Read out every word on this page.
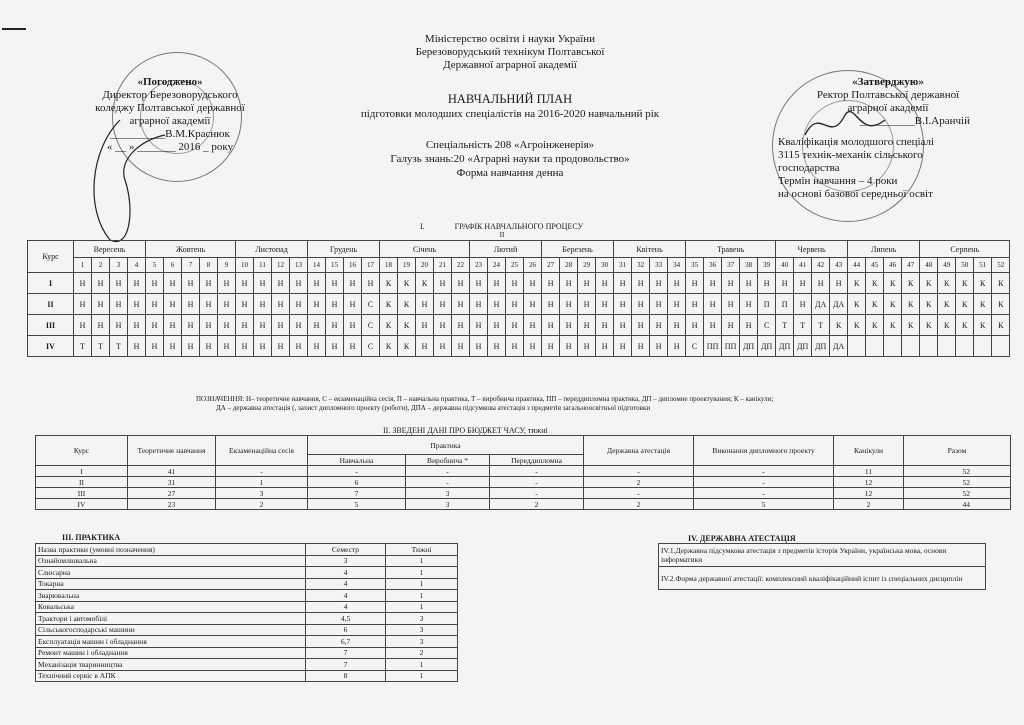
Міністерство освіти і науки України
Березоворудський технікум Полтавської
Державної аграрної академії
«Погоджено»
Директор Березоворудського
коледжу Полтавської державної
аграрної академії
__________В.М.Краснюк
« __ » _______ 2016 _ року
«Затверджую»
Ректор Полтавської державної
аграрної академії
__________В.І.Аранчій
Кваліфікація молодшого спеціалі
3115 технік-механік сільського
господарства
Термін навчання – 4 роки
на основі базової середньої освіт
НАВЧАЛЬНИЙ ПЛАН
підготовки молодших спеціалістів на 2016-2020 навчальний рік
Спеціальність 208 «Агроінженерія»
Галузь знань:20 «Аграрні науки та продовольство»
Форма навчання денна
I.	ГРАФІК НАВЧАЛЬНОГО ПРОЦЕСУ
II
Курс	Вересень				Жовтень					Листопад				Грудень				Січень					Лютий				Березень				Квітень				Травень					Червень				Липень				Серпень				
	1	2	3	4	5	6	7	8	9	10	11	12	13	14	15	16	17	18	19	20	21	22	23	24	25	26	27	28	29	30	31	32	33	34	35	36	37	38	39	40	41	42	43	44	45	46	47	48	49	50	51	52
I	Н	Н	Н	Н	Н	Н	Н	Н	Н	Н	Н	Н	Н	Н	Н	Н	Н	К	К	К	Н	Н	Н	Н	Н	Н	Н	Н	Н	Н	Н	Н	Н	Н	Н	Н	Н	Н	Н	Н	Н	Н	Н	К	К	К	К	К	К	К	К	К
II	Н	Н	Н	Н	Н	Н	Н	Н	Н	Н	Н	Н	Н	Н	Н	Н	С	К	К	Н	Н	Н	Н	Н	Н	Н	Н	Н	Н	Н	Н	Н	Н	Н	Н	Н	Н	Н	П	П	Н	ДА	ДА	К	К	К	К	К	К	К	К	К
III	Н	Н	Н	Н	Н	Н	Н	Н	Н	Н	Н	Н	Н	Н	Н	Н	С	К	К	Н	Н	Н	Н	Н	Н	Н	Н	Н	Н	Н	Н	Н	Н	Н	Н	Н	Н	Н	С	Т	Т	Т	К	К	К	К	К	К	К	К	К	К
IV	Т	Т	Т	Н	Н	Н	Н	Н	Н	Н	Н	Н	Н	Н	Н	Н	С	К	К	Н	Н	Н	Н	Н	Н	Н	Н	Н	Н	Н	Н	Н	Н	Н	С	ПП	ПП	ДП	ДП	ДП	ДП	ДП	ДА									
ПОЗНАЧЕННЯ: Н– теоретичне навчання, С – екзаменаційна сесія, П – навчальна практика, Т – виробнича практика, ПП – переддипломна практика, ДП – дипломне проектування; К – канікули;
ДА – державна атестація (, захист дипломного проекту (роботи), ДПА – державна підсумкова атестація з предметів загальноосвітньої підготовки
II. ЗВЕДЕНІ ДАНІ ПРО БЮДЖЕТ ЧАСУ, тижні
Курс	Теоретичне навчання	Екзаменаційна сесія	Практика			Державна атестація	Виконання дипломного проекту	Канікули	Разом
			Навчальна	Виробнича *	Переддипломна				
I	41	-	-	-	-	-	-	11	52
II	31	1	6	-	-	2	-	12	52
III	27	3	7	3	-	-	-	12	52
IV	23	2	5	3	2	2	5	2	44
III. ПРАКТИКА
Назва практики (умовні позначення)	Семестр	Тижні
Ознайомлювальна	3	1
Слюсарна	4	1
Токарна	4	1
Зварювальна	4	1
Ковальська	4	1
Трактори і автомобілі	4,5	3
Сільськогосподарські машини	6	3
Експлуатація машин і обладнання	6,7	3
Ремонт машин і обладнання	7	2
Механізація тваринництва	7	1
Технічний сервіс в АПК	8	1
IV. ДЕРЖАВНА АТЕСТАЦІЯ
IV.1.Державна підсумкова атестація з предметів історія України, українська мова, основи інформатики
IV.2.Форма державної атестації: комплексний кваліфікаційний іспит із спеціальних дисциплін
